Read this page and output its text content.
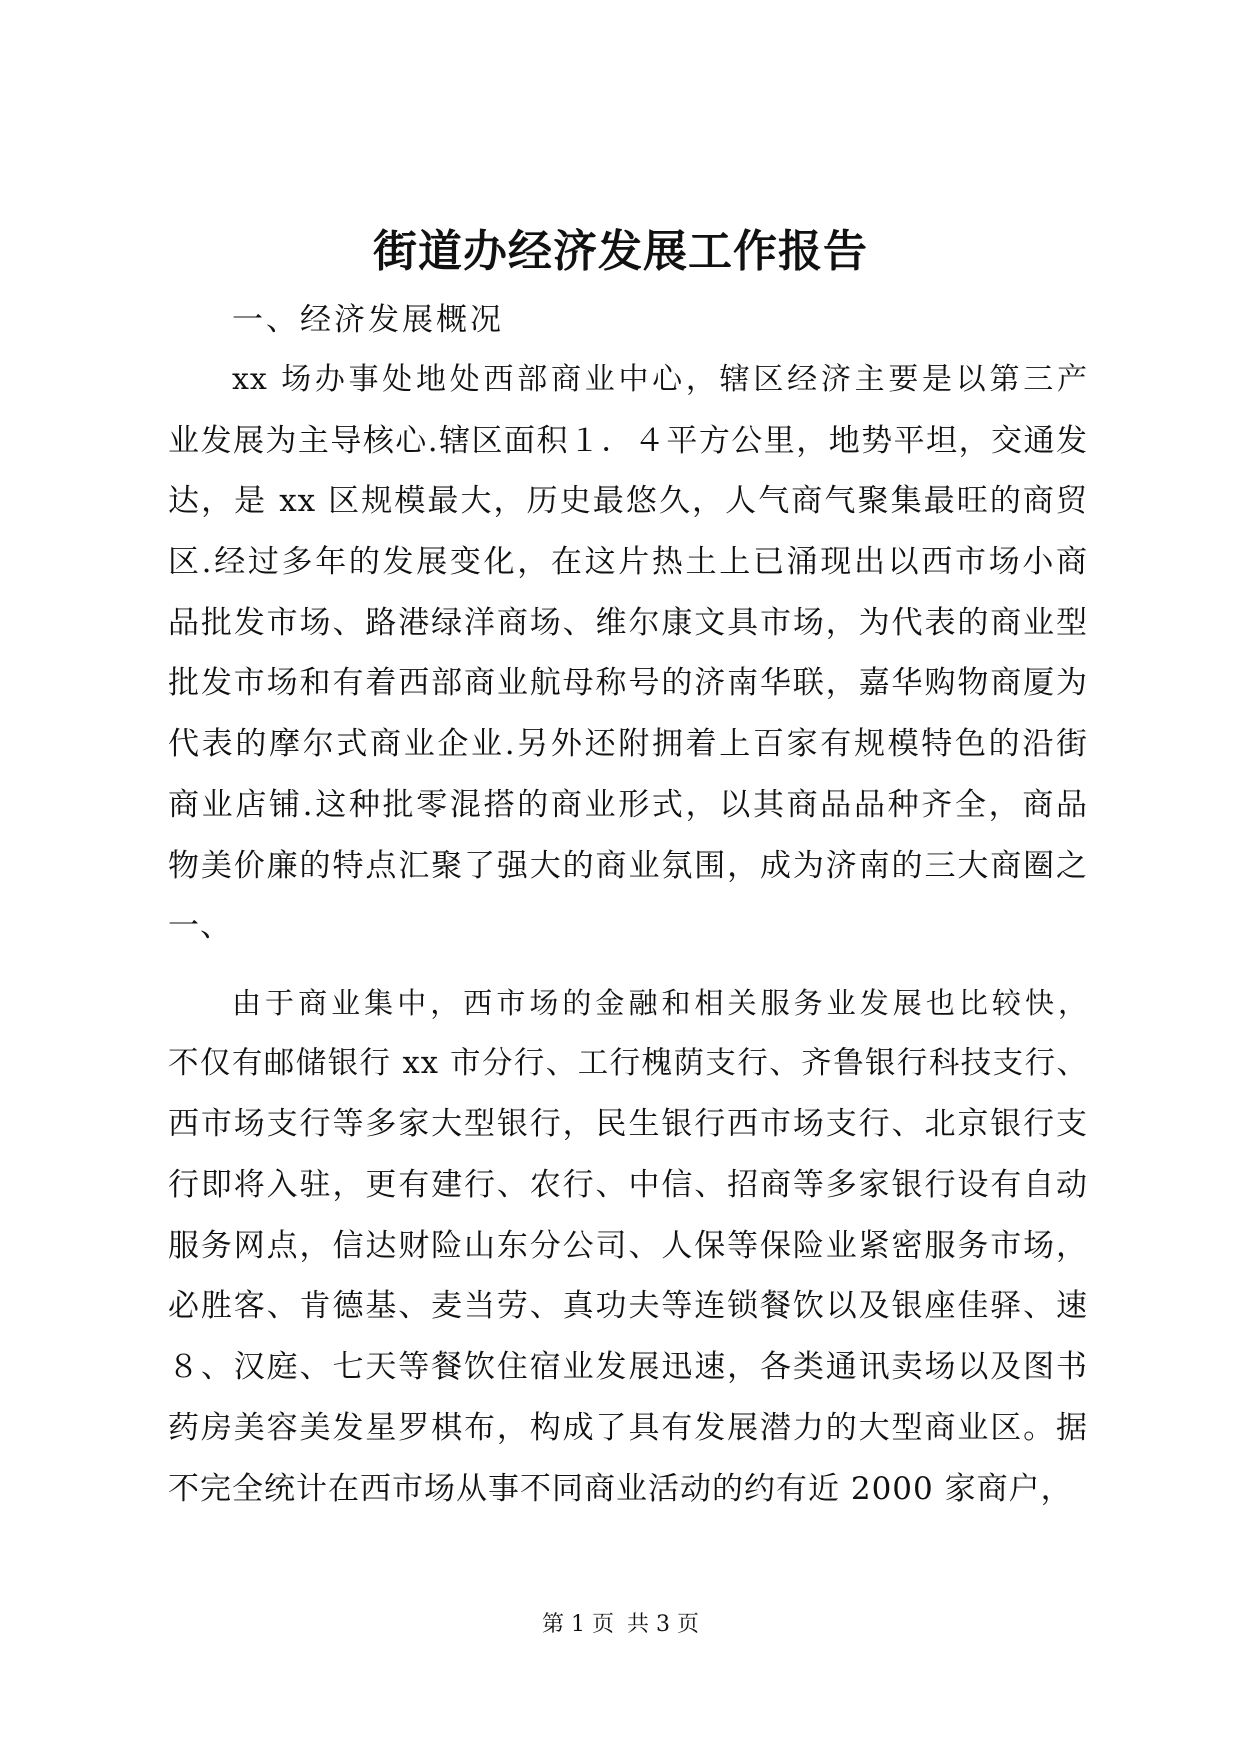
街道办经济发展工作报告
一、经济发展概况
xx 场办事处地处西部商业中心，辖区经济主要是以第三产
业发展为主导核心.辖区面积１．４平方公里，地势平坦，交通发
达，是 xx 区规模最大，历史最悠久，人气商气聚集最旺的商贸
区.经过多年的发展变化，在这片热土上已涌现出以西市场小商
品批发市场、路港绿洋商场、维尔康文具市场，为代表的商业型
批发市场和有着西部商业航母称号的济南华联，嘉华购物商厦为
代表的摩尔式商业企业.另外还附拥着上百家有规模特色的沿街
商业店铺.这种批零混搭的商业形式，以其商品品种齐全，商品
物美价廉的特点汇聚了强大的商业氛围，成为济南的三大商圈之
一、
由于商业集中，西市场的金融和相关服务业发展也比较快，
不仅有邮储银行 xx 市分行、工行槐荫支行、齐鲁银行科技支行、
西市场支行等多家大型银行，民生银行西市场支行、北京银行支
行即将入驻，更有建行、农行、中信、招商等多家银行设有自动
服务网点，信达财险山东分公司、人保等保险业紧密服务市场，
必胜客、肯德基、麦当劳、真功夫等连锁餐饮以及银座佳驿、速
８、汉庭、七天等餐饮住宿业发展迅速，各类通讯卖场以及图书
药房美容美发星罗棋布，构成了具有发展潜力的大型商业区。据
不完全统计在西市场从事不同商业活动的约有近 2000 家商户，
第 1 页 共 3 页
